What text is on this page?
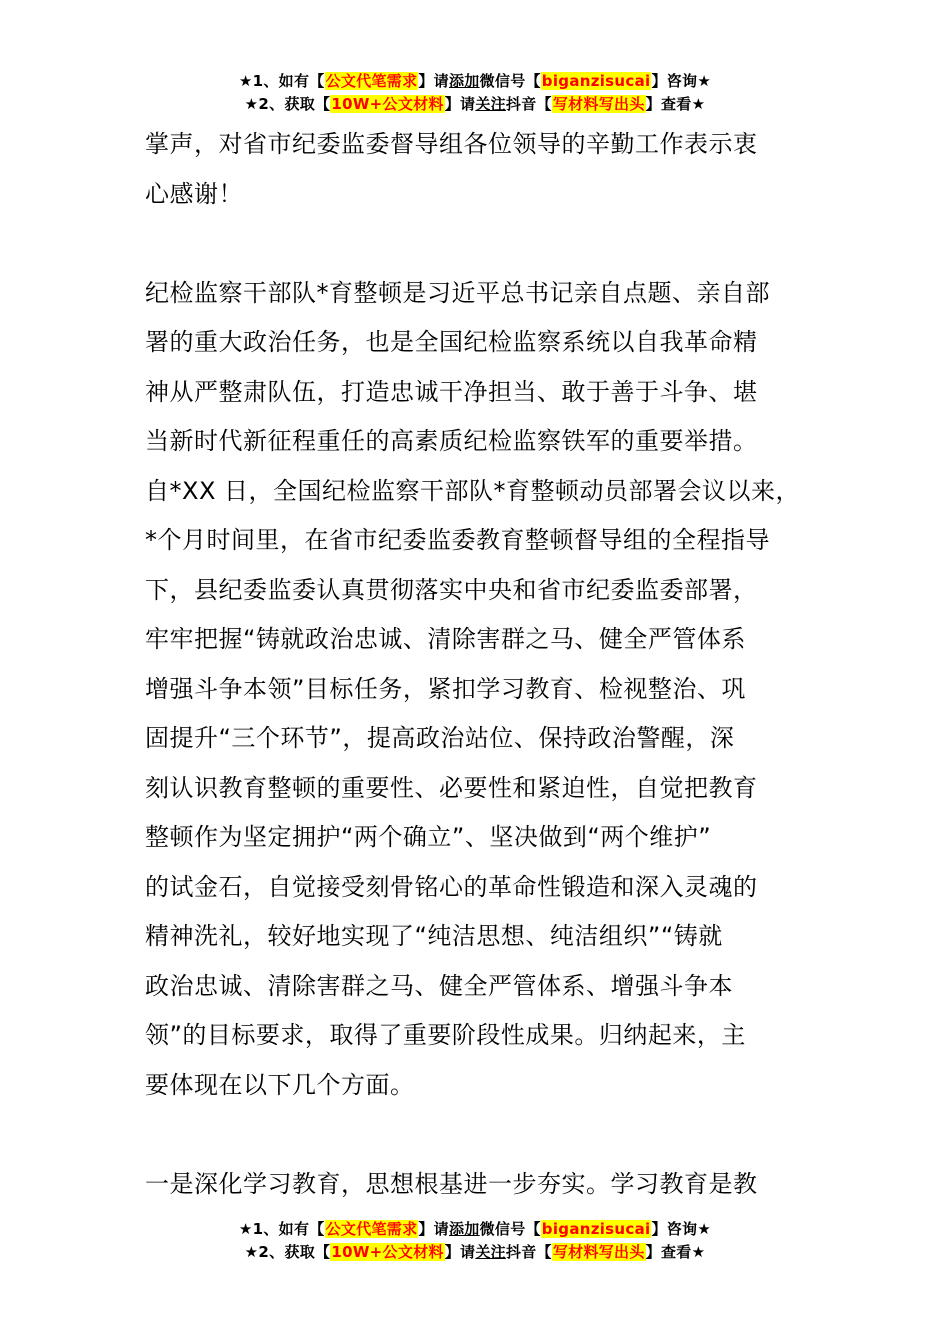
★1、如有【公文代笔需求】请添加微信号【biganzisucai】咨询★
★2、获取【10W+公文材料】请关注抖音【写材料写出头】查看★
掌声，对省市纪委监委督导组各位领导的辛勤工作表示衷
心感谢！
纪检监察干部队*育整顿是习近平总书记亲自点题、亲自部
署的重大政治任务，也是全国纪检监察系统以自我革命精
神从严整肃队伍，打造忠诚干净担当、敢于善于斗争、堪
当新时代新征程重任的高素质纪检监察铁军的重要举措。
自*XX 日，全国纪检监察干部队*育整顿动员部署会议以来，
*个月时间里，在省市纪委监委教育整顿督导组的全程指导
下，县纪委监委认真贯彻落实中央和省市纪委监委部署，
牢牢把握“铸就政治忠诚、清除害群之马、健全严管体系
增强斗争本领”目标任务，紧扣学习教育、检视整治、巩
固提升“三个环节”，提高政治站位、保持政治警醒，深
刻认识教育整顿的重要性、必要性和紧迫性，自觉把教育
整顿作为坚定拥护“两个确立”、坚决做到“两个维护”
的试金石，自觉接受刻骨铭心的革命性锻造和深入灵魂的
精神洗礼，较好地实现了“纯洁思想、纯洁组织”“铸就
政治忠诚、清除害群之马、健全严管体系、增强斗争本
领”的目标要求，取得了重要阶段性成果。归纳起来，主
要体现在以下几个方面。
一是深化学习教育，思想根基进一步夯实。学习教育是教
★1、如有【公文代笔需求】请添加微信号【biganzisucai】咨询★
★2、获取【10W+公文材料】请关注抖音【写材料写出头】查看★
